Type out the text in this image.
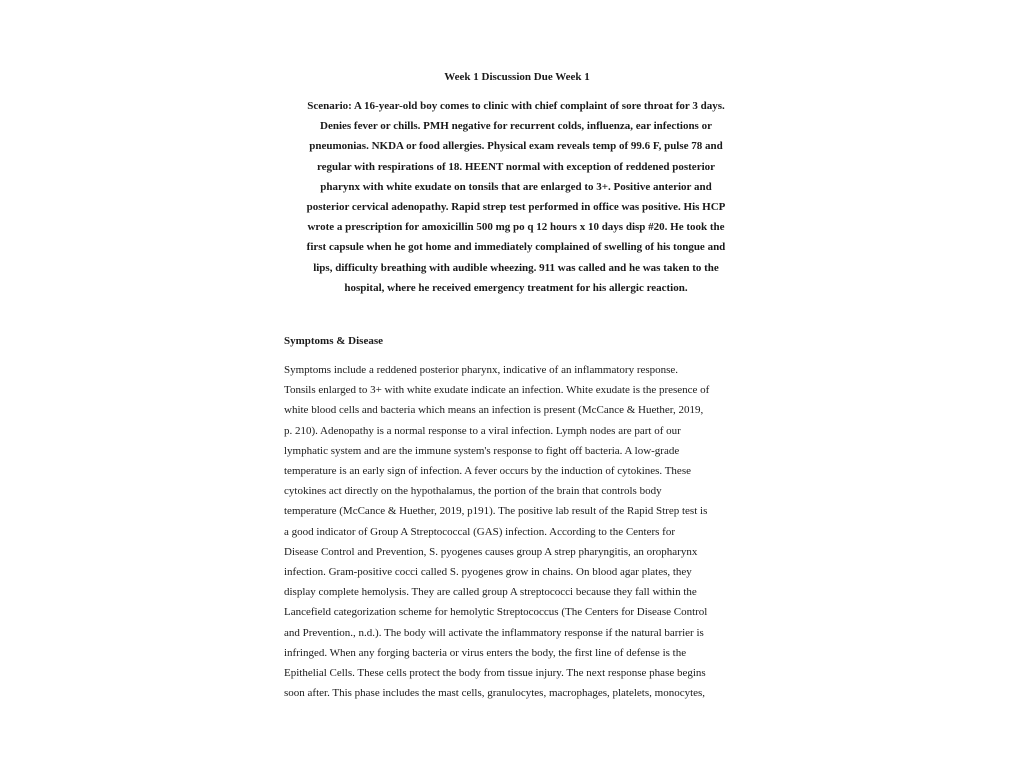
Week 1 Discussion Due Week 1
Scenario: A 16-year-old boy comes to clinic with chief complaint of sore throat for 3 days.
Denies fever or chills. PMH negative for recurrent colds, influenza, ear infections or
pneumonias. NKDA or food allergies. Physical exam reveals temp of 99.6 F, pulse 78 and
regular with respirations of 18. HEENT normal with exception of reddened posterior
pharynx with white exudate on tonsils that are enlarged to 3+. Positive anterior and
posterior cervical adenopathy. Rapid strep test performed in office was positive. His HCP
wrote a prescription for amoxicillin 500 mg po q 12 hours x 10 days disp #20. He took the
first capsule when he got home and immediately complained of swelling of his tongue and
lips, difficulty breathing with audible wheezing. 911 was called and he was taken to the
hospital, where he received emergency treatment for his allergic reaction.
Symptoms & Disease
Symptoms include a reddened posterior pharynx, indicative of an inflammatory response.
Tonsils enlarged to 3+ with white exudate indicate an infection. White exudate is the presence of
white blood cells and bacteria which means an infection is present (McCance & Huether, 2019,
p. 210). Adenopathy is a normal response to a viral infection. Lymph nodes are part of our
lymphatic system and are the immune system's response to fight off bacteria. A low-grade
temperature is an early sign of infection. A fever occurs by the induction of cytokines. These
cytokines act directly on the hypothalamus, the portion of the brain that controls body
temperature (McCance & Huether, 2019, p191). The positive lab result of the Rapid Strep test is
a good indicator of Group A Streptococcal (GAS) infection. According to the Centers for
Disease Control and Prevention, S. pyogenes causes group A strep pharyngitis, an oropharynx
infection. Gram-positive cocci called S. pyogenes grow in chains. On blood agar plates, they
display complete hemolysis. They are called group A streptococci because they fall within the
Lancefield categorization scheme for hemolytic Streptococcus (The Centers for Disease Control
and Prevention., n.d.). The body will activate the inflammatory response if the natural barrier is
infringed. When any forging bacteria or virus enters the body, the first line of defense is the
Epithelial Cells. These cells protect the body from tissue injury. The next response phase begins
soon after. This phase includes the mast cells, granulocytes, macrophages, platelets, monocytes,
